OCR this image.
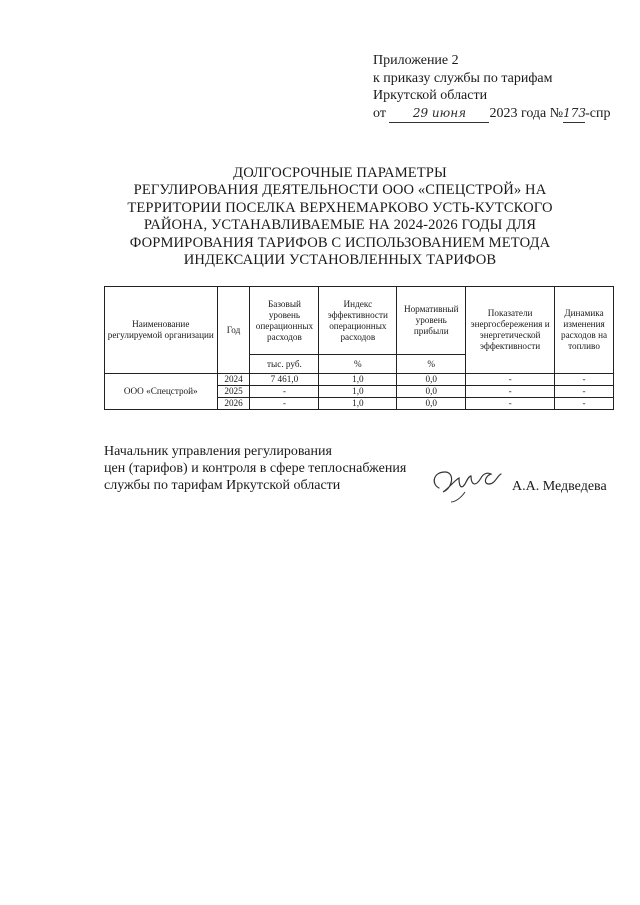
Приложение 2
к приказу службы по тарифам
Иркутской области
от 29 июня 2023 года №173-спр
ДОЛГОСРОЧНЫЕ ПАРАМЕТРЫ
РЕГУЛИРОВАНИЯ ДЕЯТЕЛЬНОСТИ ООО «СПЕЦСТРОЙ» НА
ТЕРРИТОРИИ ПОСЕЛКА ВЕРХНЕМАРКОВО УСТЬ-КУТСКОГО
РАЙОНА, УСТАНАВЛИВАЕМЫЕ НА 2024-2026 ГОДЫ ДЛЯ
ФОРМИРОВАНИЯ ТАРИФОВ С ИСПОЛЬЗОВАНИЕМ МЕТОДА
ИНДЕКСАЦИИ УСТАНОВЛЕННЫХ ТАРИФОВ
Наименование регулируемой организации	Год	Базовый уровень операционных расходов	Индекс эффективности операционных расходов	Нормативный уровень прибыли	Показатели энергосбережения и энергетической эффективности	Динамика изменения расходов на топливо
		тыс. руб.	%	%		
ООО «Спецстрой»	2024	7 461,0	1,0	0,0	-	-
	2025	-	1,0	0,0	-	-
	2026	-	1,0	0,0	-	-
Начальник управления регулирования
цен (тарифов) и контроля в сфере теплоснабжения
службы по тарифам Иркутской области	А.А. Медведева
